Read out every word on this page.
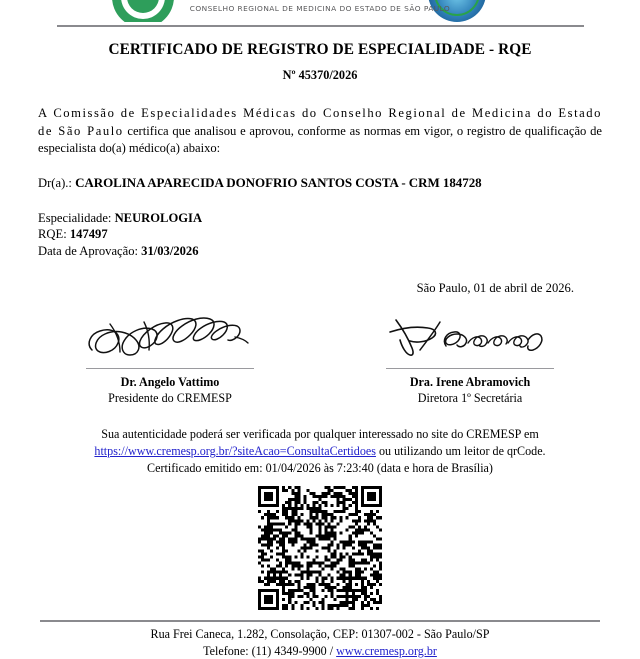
CONSELHO REGIONAL DE MEDICINA DO ESTADO DE SÃO PAULO
CERTIFICADO DE REGISTRO DE ESPECIALIDADE - RQE
Nº 45370/2026

A Comissão de Especialidades Médicas do Conselho Regional de Medicina do Estado de São Paulo certifica que analisou e aprovou, conforme as normas em vigor, o registro de qualificação de especialista do(a) médico(a) abaixo:

Dr(a).: CAROLINA APARECIDA DONOFRIO SANTOS COSTA - CRM 184728
Especialidade: NEUROLOGIA
RQE: 147497
Data de Aprovação: 31/03/2026
São Paulo, 01 de abril de 2026.
Dr. Angelo Vattimo
Presidente do CREMESP
Dra. Irene Abramovich
Diretora 1º Secretária
Sua autenticidade poderá ser verificada por qualquer interessado no site do CREMESP em
https://www.cremesp.org.br/?siteAcao=ConsultaCertidoes ou utilizando um leitor de qrCode.
Certificado emitido em: 01/04/2026 às 7:23:40 (data e hora de Brasília)
Rua Frei Caneca, 1.282, Consolação, CEP: 01307-002 - São Paulo/SP
Telefone: (11) 4349-9900 / www.cremesp.org.br
